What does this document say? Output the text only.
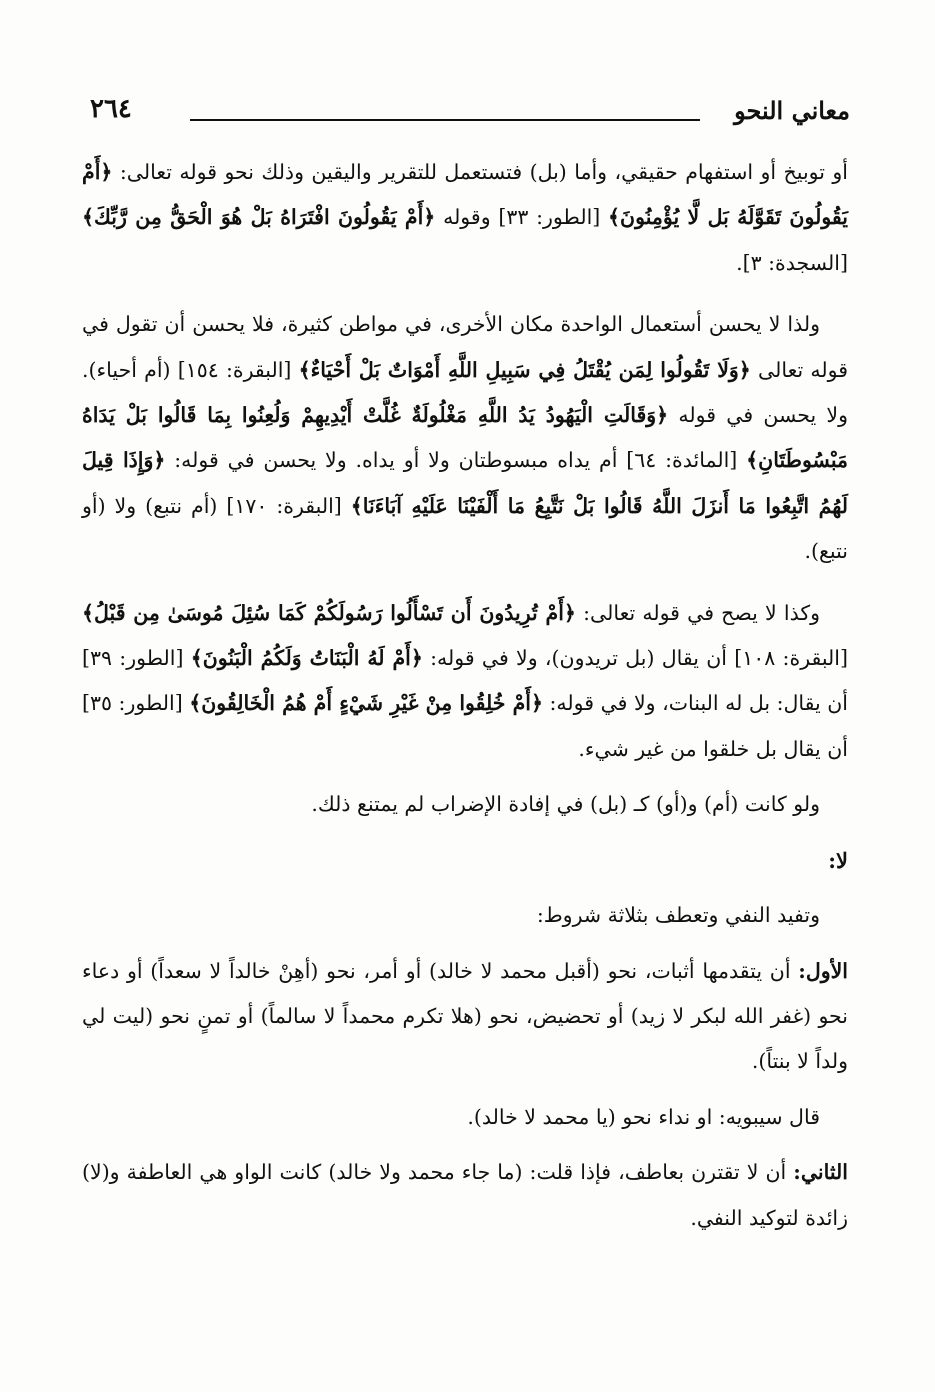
معاني النحو
٢٦٤

أو توبيخ أو استفهام حقيقي، وأما (بل) فتستعمل للتقرير واليقين وذلك نحو قوله تعالى: ﴿أَمْ يَقُولُونَ تَقَوَّلَهُ بَل لَّا يُؤْمِنُونَ﴾ [الطور: ٣٣] وقوله ﴿أَمْ يَقُولُونَ افْتَرَاهُ بَلْ هُوَ الْحَقُّ مِن رَّبِّكَ﴾ [السجدة: ٣].

ولذا لا يحسن أستعمال الواحدة مكان الأخرى، في مواطن كثيرة، فلا يحسن أن تقول في قوله تعالى ﴿وَلَا تَقُولُوا لِمَن يُقْتَلُ فِي سَبِيلِ اللَّهِ أَمْوَاتٌ بَلْ أَحْيَاءٌ﴾ [البقرة: ١٥٤] (أم أحياء). ولا يحسن في قوله ﴿وَقَالَتِ الْيَهُودُ يَدُ اللَّهِ مَغْلُولَةٌ غُلَّتْ أَيْدِيهِمْ وَلُعِنُوا بِمَا قَالُوا بَلْ يَدَاهُ مَبْسُوطَتَانِ﴾ [المائدة: ٦٤] أم يداه مبسوطتان ولا أو يداه. ولا يحسن في قوله: ﴿وَإِذَا قِيلَ لَهُمُ اتَّبِعُوا مَا أَنزَلَ اللَّهُ قَالُوا بَلْ نَتَّبِعُ مَا أَلْفَيْنَا عَلَيْهِ آبَاءَنَا﴾ [البقرة: ١٧٠] (أم نتبع) ولا (أو نتبع).

وكذا لا يصح في قوله تعالى: ﴿أَمْ تُرِيدُونَ أَن تَسْأَلُوا رَسُولَكُمْ كَمَا سُئِلَ مُوسَىٰ مِن قَبْلُ﴾ [البقرة: ١٠٨] أن يقال (بل تريدون)، ولا في قوله: ﴿أَمْ لَهُ الْبَنَاتُ وَلَكُمُ الْبَنُونَ﴾ [الطور: ٣٩] أن يقال: بل له البنات، ولا في قوله: ﴿أَمْ خُلِقُوا مِنْ غَيْرِ شَيْءٍ أَمْ هُمُ الْخَالِقُونَ﴾ [الطور: ٣٥] أن يقال بل خلقوا من غير شيء.

ولو كانت (أم) و(أو) كـ (بل) في إفادة الإضراب لم يمتنع ذلك.

لا:

وتفيد النفي وتعطف بثلاثة شروط:

الأول: أن يتقدمها أثبات، نحو (أقبل محمد لا خالد) أو أمر، نحو (أهِنْ خالداً لا سعداً) أو دعاء نحو (غفر الله لبكر لا زيد) أو تحضيض، نحو (هلا تكرم محمداً لا سالماً) أو تمنٍ نحو (ليت لي ولداً لا بنتاً).

قال سيبويه: او نداء نحو (يا محمد لا خالد).

الثاني: أن لا تقترن بعاطف، فإذا قلت: (ما جاء محمد ولا خالد) كانت الواو هي العاطفة و(لا) زائدة لتوكيد النفي.
